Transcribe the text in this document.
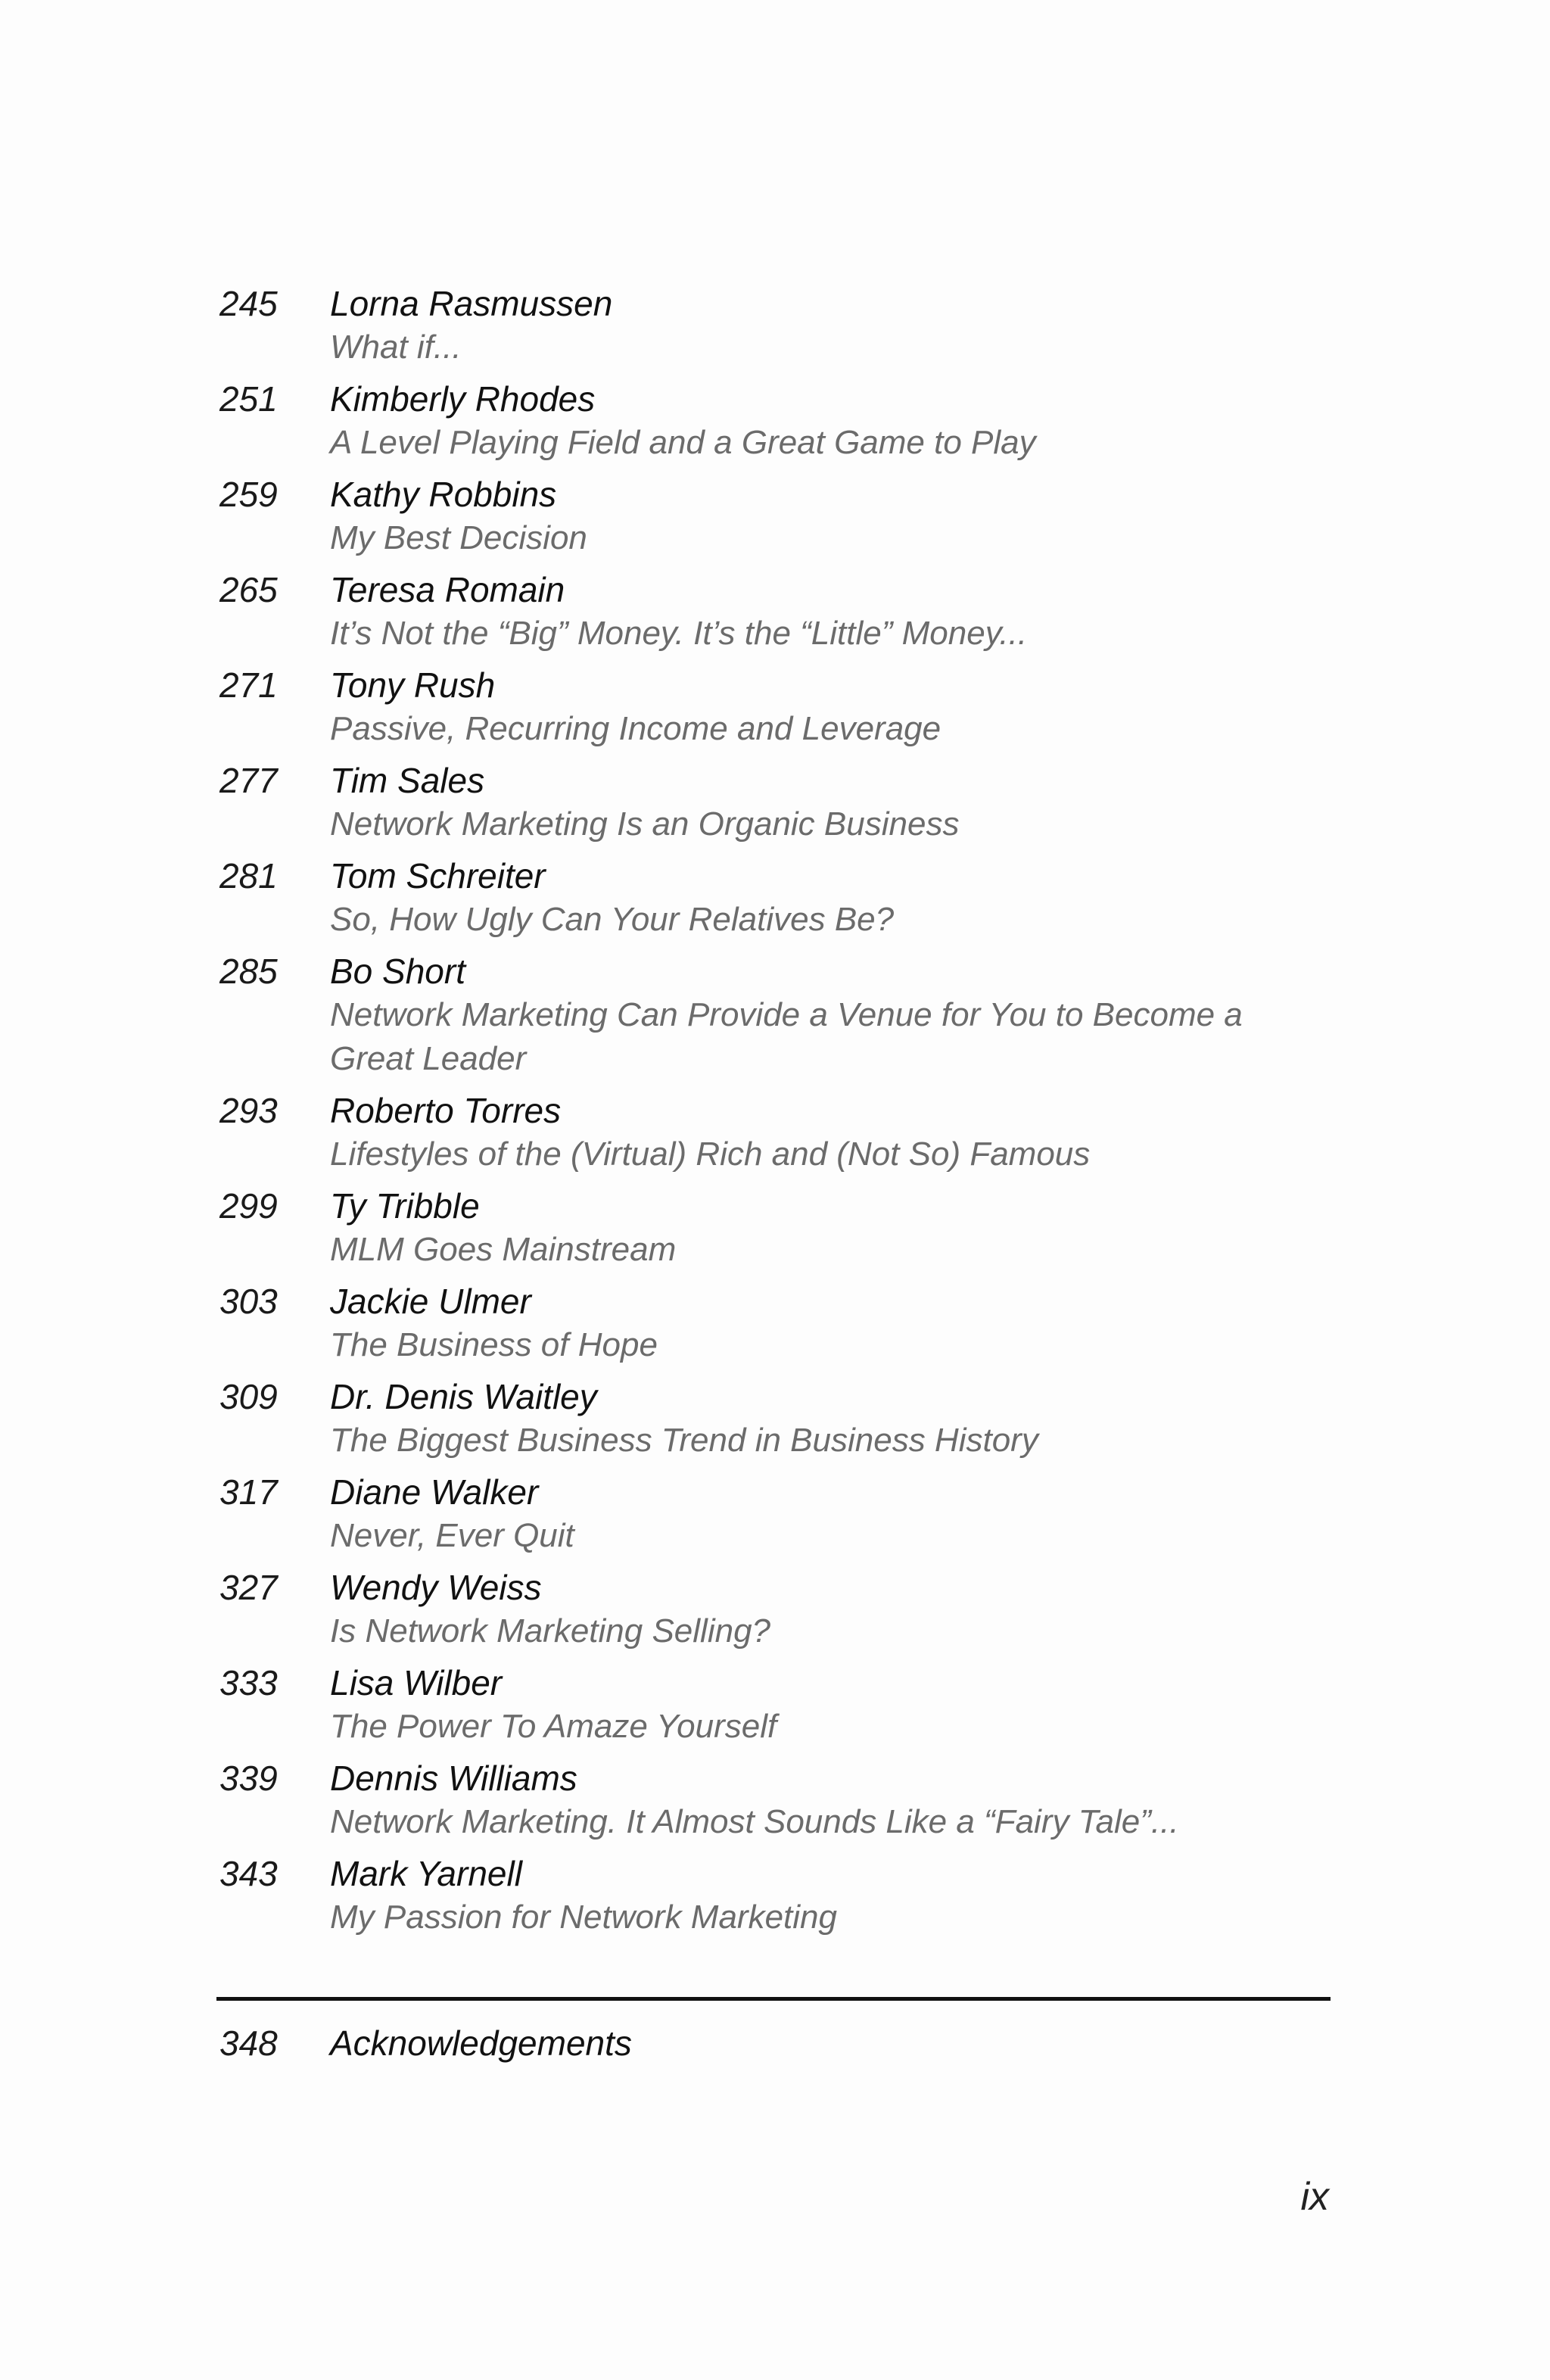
245	Lorna Rasmussen
What if...
251	Kimberly Rhodes
A Level Playing Field and a Great Game to Play
259	Kathy Robbins
My Best Decision
265	Teresa Romain
It’s Not the “Big” Money. It’s the “Little” Money...
271	Tony Rush
Passive, Recurring Income and Leverage
277	Tim Sales
Network Marketing Is an Organic Business
281	Tom Schreiter
So, How Ugly Can Your Relatives Be?
285	Bo Short
Network Marketing Can Provide a Venue for You to Become a Great Leader
293	Roberto Torres
Lifestyles of the (Virtual) Rich and (Not So) Famous
299	Ty Tribble
MLM Goes Mainstream
303	Jackie Ulmer
The Business of Hope
309	Dr. Denis Waitley
The Biggest Business Trend in Business History
317	Diane Walker
Never, Ever Quit
327	Wendy Weiss
Is Network Marketing Selling?
333	Lisa Wilber
The Power To Amaze Yourself
339	Dennis Williams
Network Marketing. It Almost Sounds Like a “Fairy Tale”...
343	Mark Yarnell
My Passion for Network Marketing
348	Acknowledgements
ix
